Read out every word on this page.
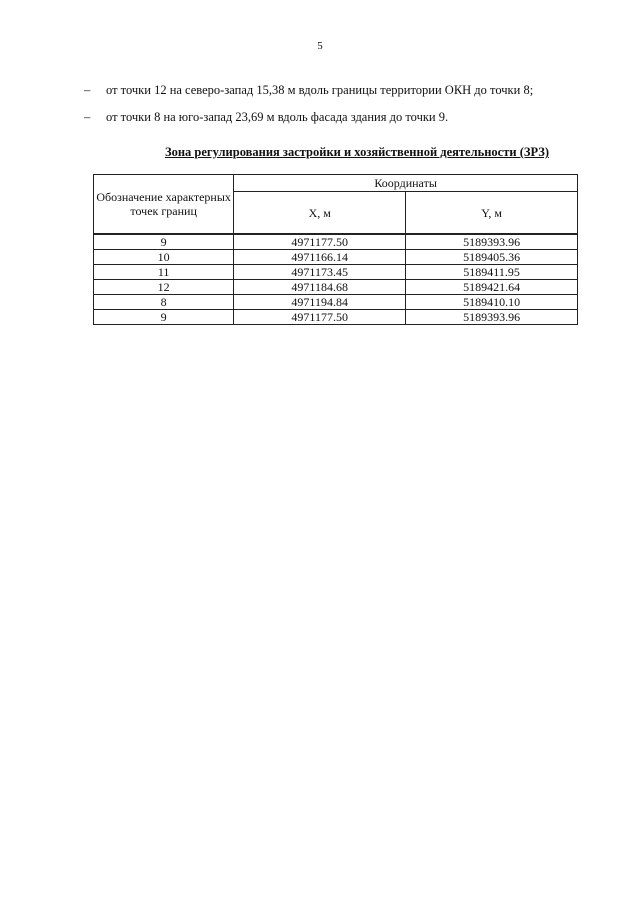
5
–	от точки 12 на северо-запад 15,38 м вдоль границы территории ОКН до точки 8;
–	от точки 8 на юго-запад 23,69 м вдоль фасада здания до точки 9.
Зона регулирования застройки и хозяйственной деятельности (ЗРЗ)
Обозначение характерных точек границ	Координаты	
	X, м	Y, м
9	4971177.50	5189393.96
10	4971166.14	5189405.36
11	4971173.45	5189411.95
12	4971184.68	5189421.64
8	4971194.84	5189410.10
9	4971177.50	5189393.96
